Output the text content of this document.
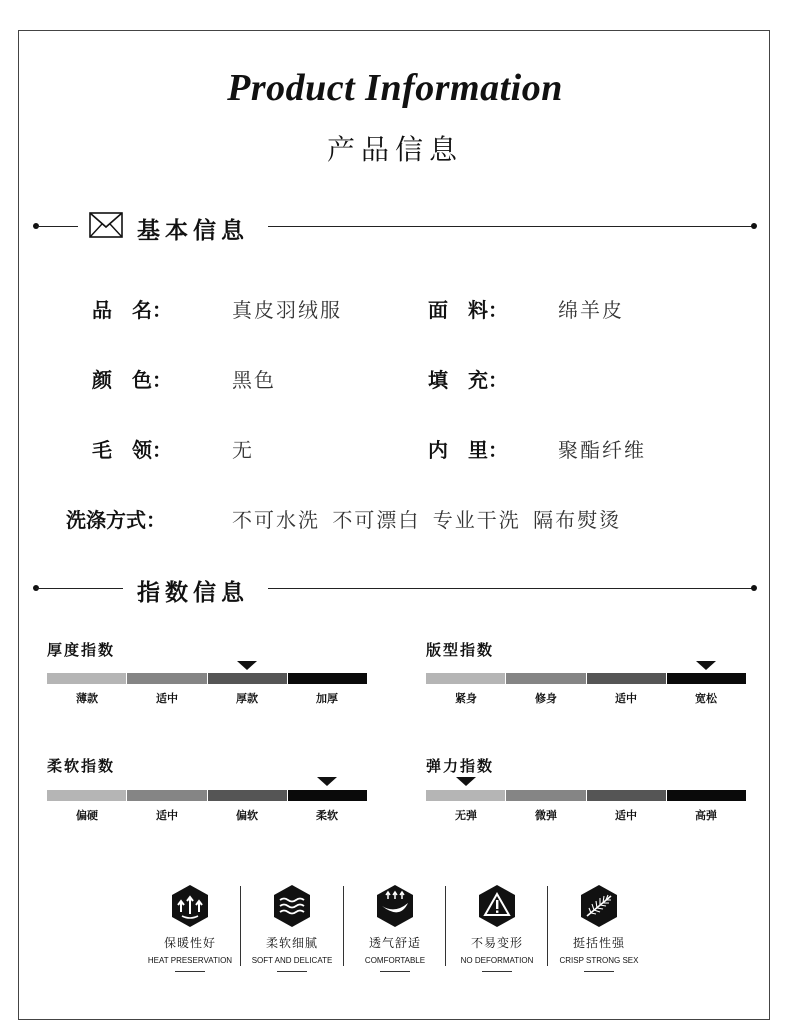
Product Information
产品信息
基本信息
品　名：	真皮羽绒服	面　料：	绵羊皮
颜　色：	黑色	填　充：
毛　领：	无	内　里：	聚酯纤维
洗涤方式：	不可水洗 不可漂白 专业干洗 隔布熨烫
指数信息
厚度指数
薄款	适中	厚款	加厚
版型指数
紧身	修身	适中	宽松
柔软指数
偏硬	适中	偏软	柔软
弹力指数
无弹	微弹	适中	高弹
保暖性好
HEAT PRESERVATION
柔软细腻
SOFT AND DELICATE
透气舒适
COMFORTABLE
不易变形
NO DEFORMATION
挺括性强
CRISP STRONG SEX
